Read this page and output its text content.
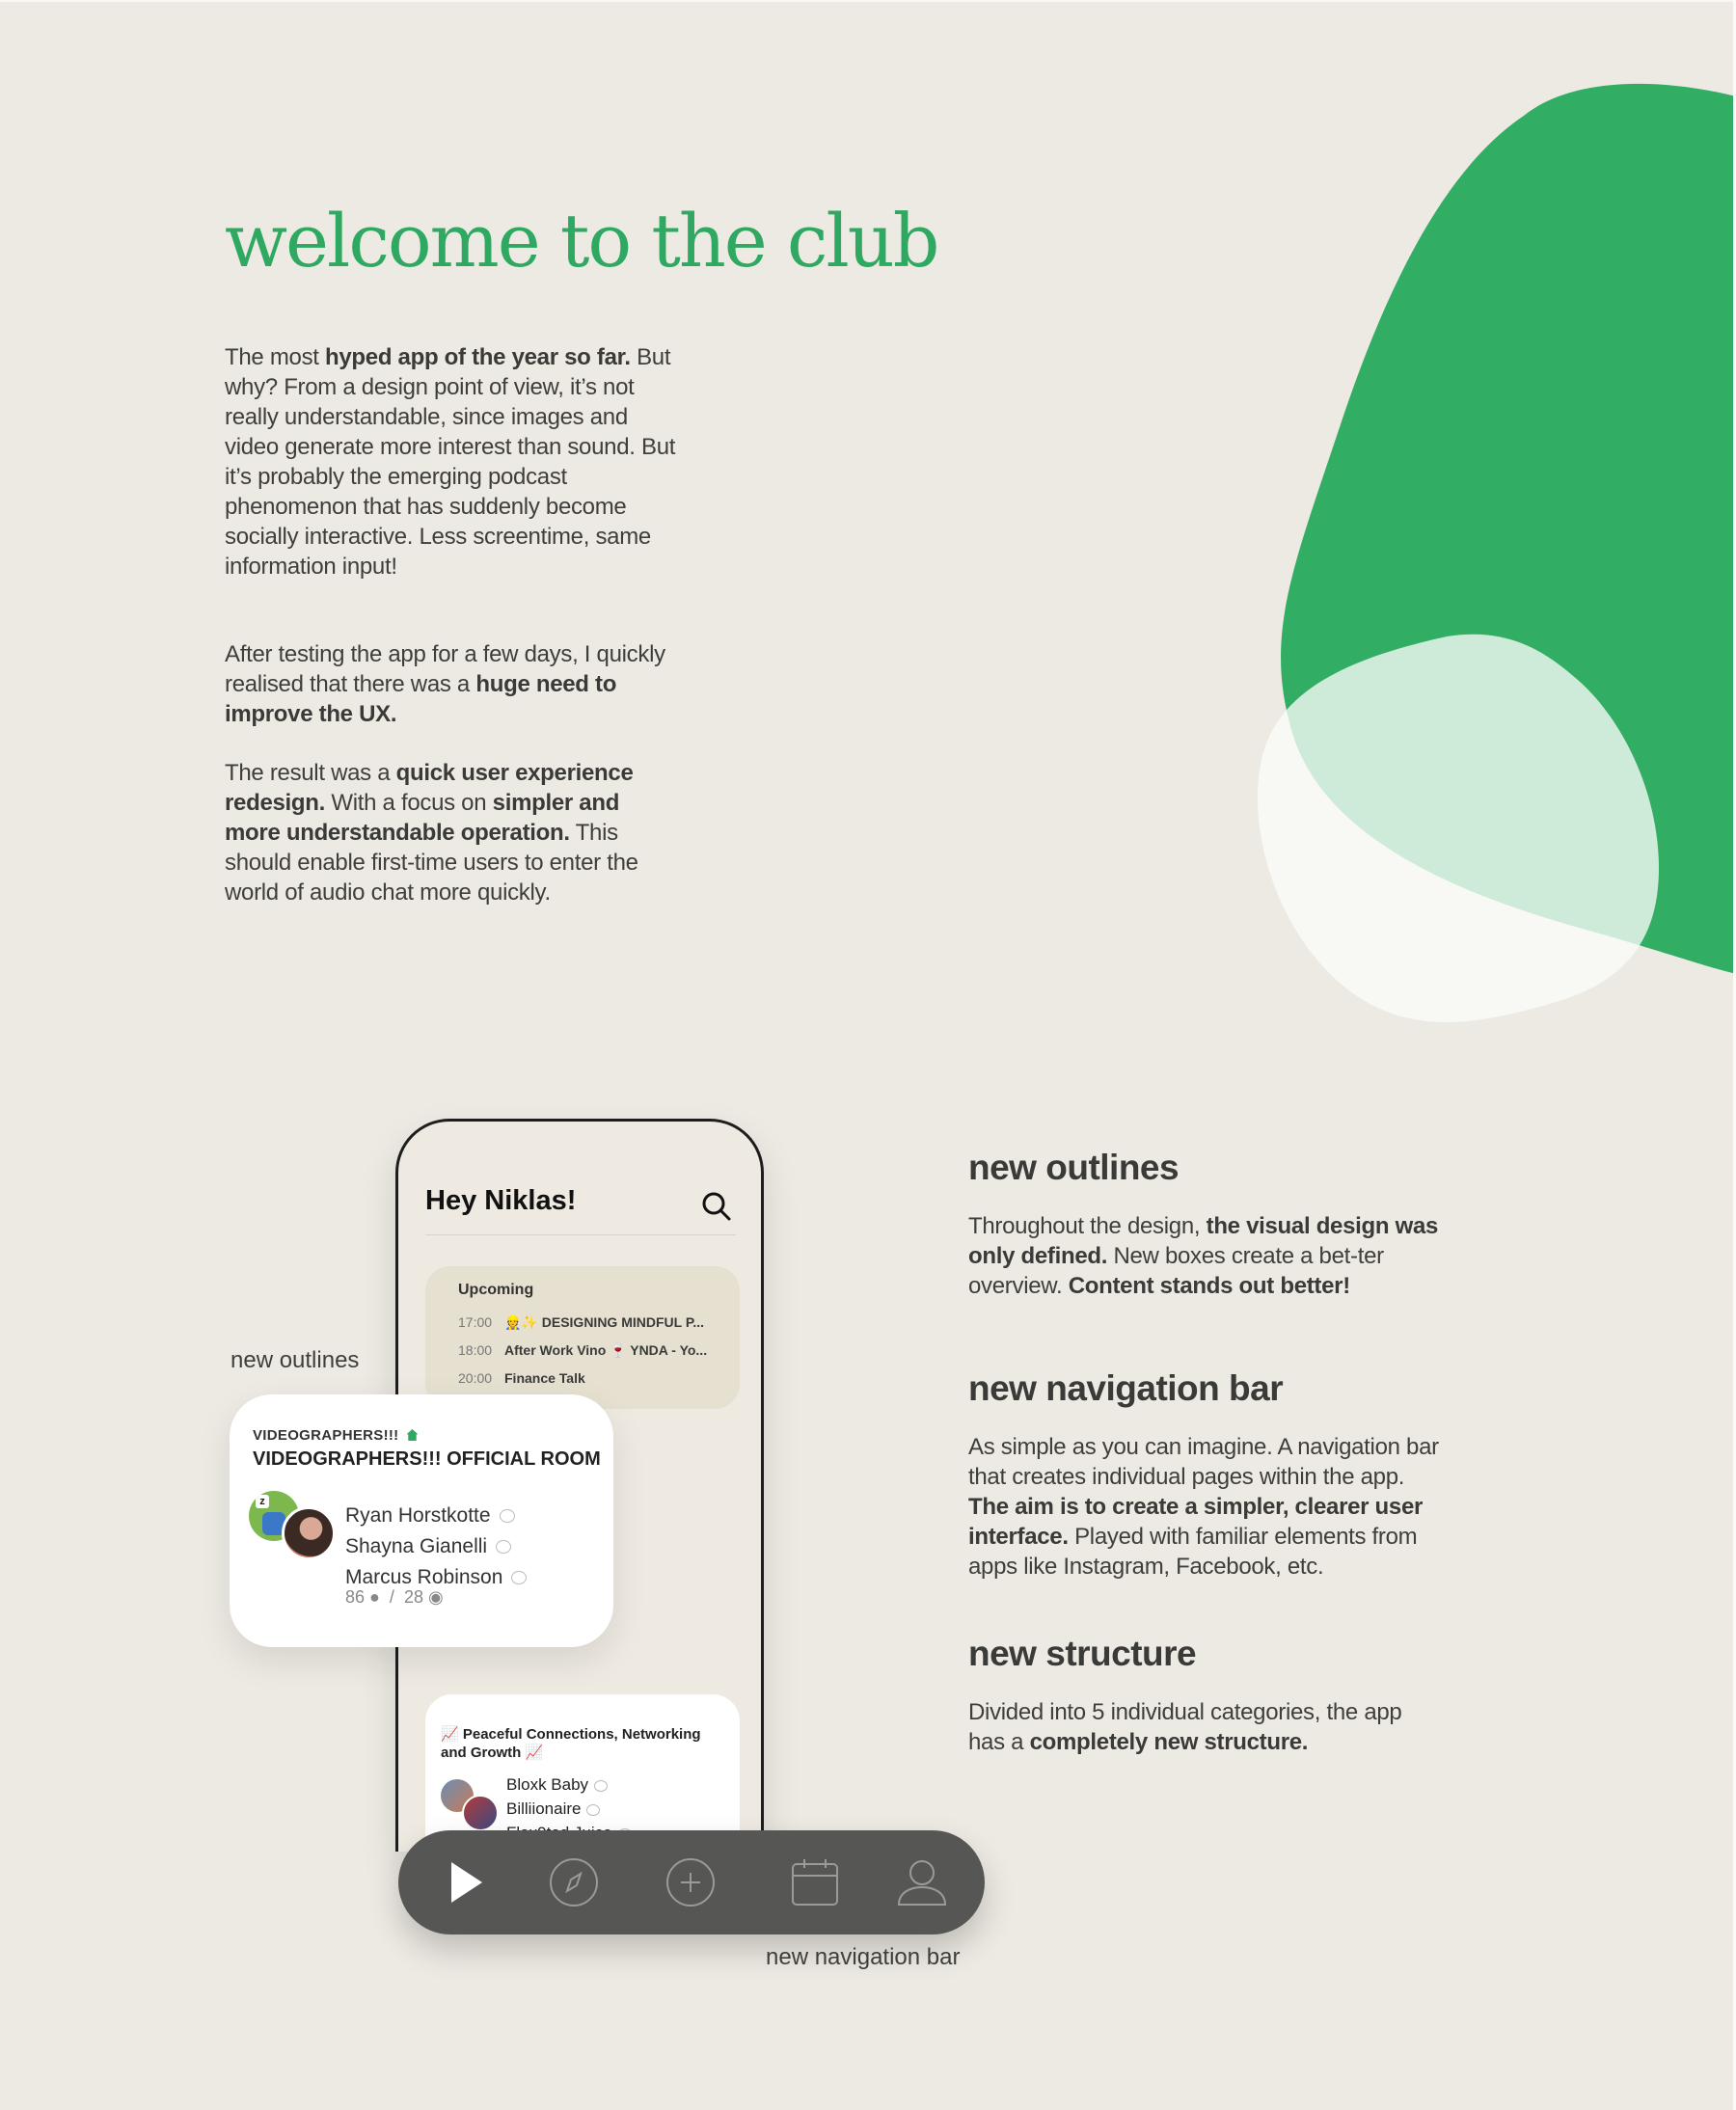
welcome to the club

The most hyped app of the year so far. But why? From a design point of view, it’s not really understandable, since images and video generate more interest than sound. But it’s probably the emerging podcast phenomenon that has suddenly become socially interactive. Less screentime, same information input!

After testing the app for a few days, I quickly realised that there was a huge need to improve the UX.

The result was a quick user experience redesign. With a focus on simpler and more understandable operation. This should enable first-time users to enter the world of audio chat more quickly.

Hey Niklas!
Upcoming
17:00 👷✨ DESIGNING MINDFUL P...
18:00 After Work Vino 🍷 YNDA - Yo...
20:00 Finance Talk
📈 Peaceful Connections, Networking and Growth 📈
Bloxk Baby
Billiionaire
VIDEOGRAPHERS!!!
VIDEOGRAPHERS!!! OFFICIAL ROOM
z
Ryan Horstkotte
Shayna Gianelli
Marcus Robinson
86 ●  /  28 ◉
new outlines
new navigation bar
new outlines
Throughout the design, the visual design was only defined. New boxes create a bet-ter overview. Content stands out better!
new navigation bar
As simple as you can imagine. A navigation bar that creates individual pages within the app. The aim is to create a simpler, clearer user interface. Played with familiar elements from apps like Instagram, Facebook, etc.
new structure
Divided into 5 individual categories, the app has a completely new structure.
